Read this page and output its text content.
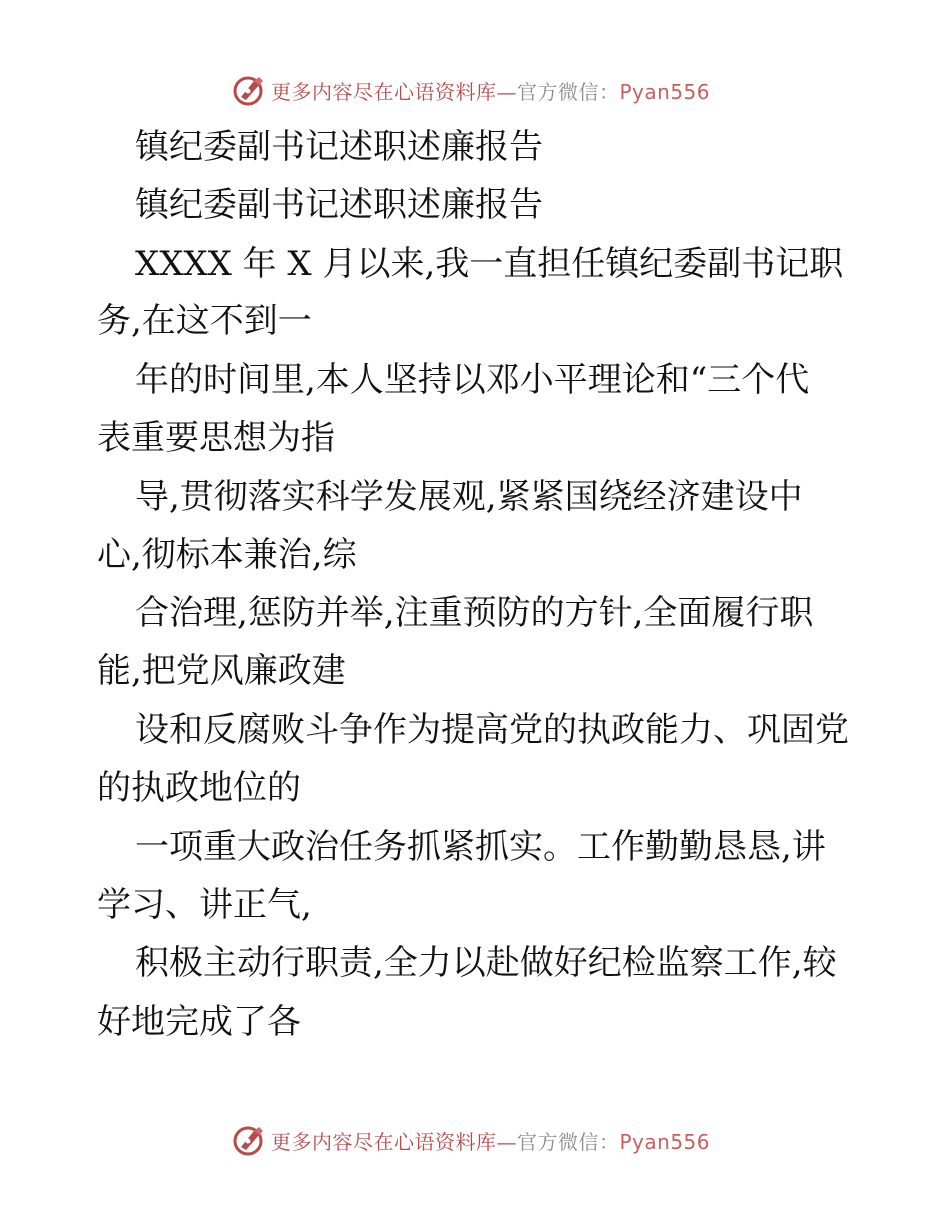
更多内容尽在心语资料库—官方微信：Pyan556
镇纪委副书记述职述廉报告
镇纪委副书记述职述廉报告
XXXX 年 X 月以来,我一直担任镇纪委副书记职
务,在这不到一
年的时间里,本人坚持以邓小平理论和“三个代
表重要思想为指
导,贯彻落实科学发展观,紧紧国绕经济建设中
心,彻标本兼治,综
合治理,惩防并举,注重预防的方针,全面履行职
能,把党风廉政建
设和反腐败斗争作为提高党的执政能力、巩固党
的执政地位的
一项重大政治任务抓紧抓实。工作勤勤恳恳,讲
学习、讲正气,
积极主动行职责,全力以赴做好纪检监察工作,较
好地完成了各
更多内容尽在心语资料库—官方微信：Pyan556
